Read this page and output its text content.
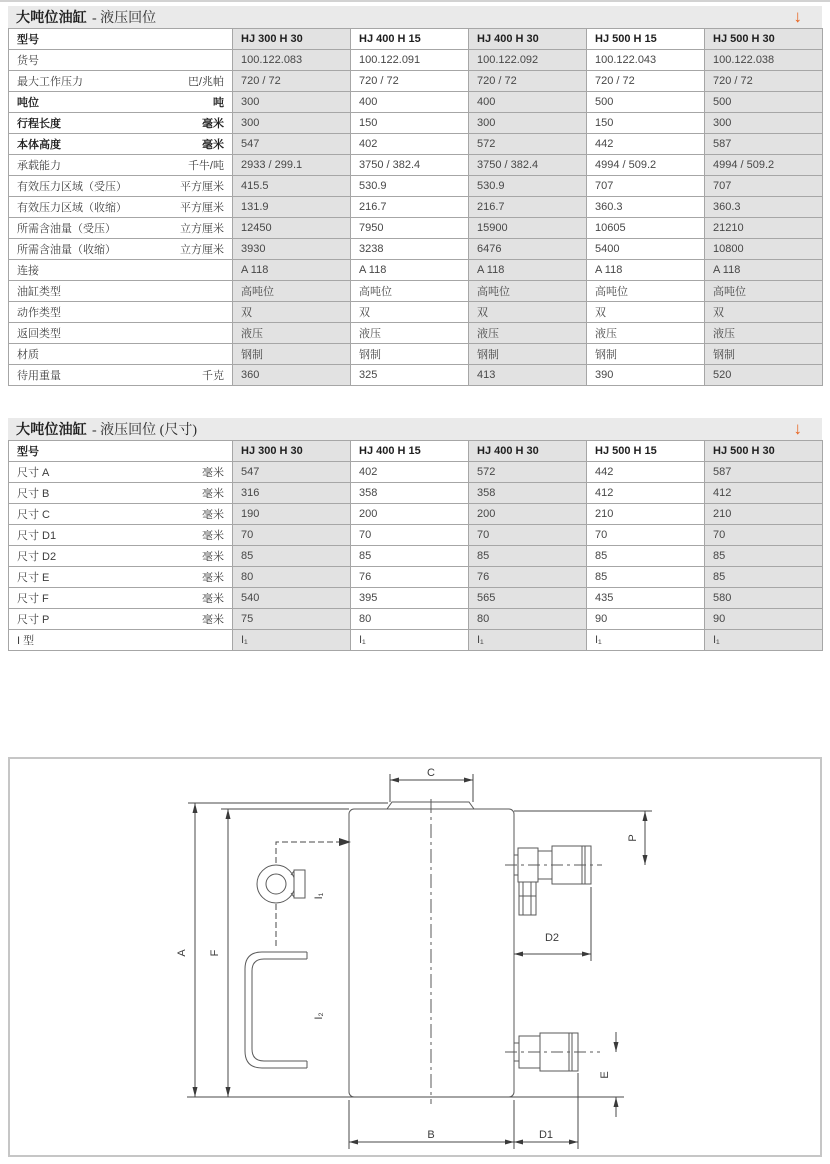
大吨位油缸 - 液压回位	↓
型号	HJ 300 H 30	HJ 400 H 15	HJ 400 H 30	HJ 500 H 15	HJ 500 H 30

货号	100.122.083	100.122.091	100.122.092	100.122.043	100.122.038

最大工作压力 巴/兆帕	720 / 72	720 / 72	720 / 72	720 / 72	720 / 72

吨位 吨	300	400	400	500	500

行程长度 毫米	300	150	300	150	300

本体高度 毫米	547	402	572	442	587

承载能力 千牛/吨	2933 / 299.1	3750 / 382.4	3750 / 382.4	4994 / 509.2	4994 / 509.2

有效压力区域（受压） 平方厘米	415.5	530.9	530.9	707	707

有效压力区域（收缩） 平方厘米	131.9	216.7	216.7	360.3	360.3

所需含油量（受压） 立方厘米	12450	7950	15900	10605	21210

所需含油量（收缩） 立方厘米	3930	3238	6476	5400	10800

连接	A 118	A 118	A 118	A 118	A 118

油缸类型	高吨位	高吨位	高吨位	高吨位	高吨位

动作类型	双	双	双	双	双

返回类型	液压	液压	液压	液压	液压

材质	钢制	钢制	钢制	钢制	钢制

待用重量 千克	360	325	413	390	520
大吨位油缸 - 液压回位 (尺寸)	↓
型号	HJ 300 H 30	HJ 400 H 15	HJ 400 H 30	HJ 500 H 15	HJ 500 H 30

尺寸 A 毫米	547	402	572	442	587

尺寸 B 毫米	316	358	358	412	412

尺寸 C 毫米	190	200	200	210	210

尺寸 D1 毫米	70	70	70	70	70

尺寸 D2 毫米	85	85	85	85	85

尺寸 E 毫米	80	76	76	85	85

尺寸 F 毫米	540	395	565	435	580

尺寸 P 毫米	75	80	80	90	90

I 型	I₁	I₁	I₁	I₁	I₁
C
A F
P
D2
E
B	D1
I₁
I₂
